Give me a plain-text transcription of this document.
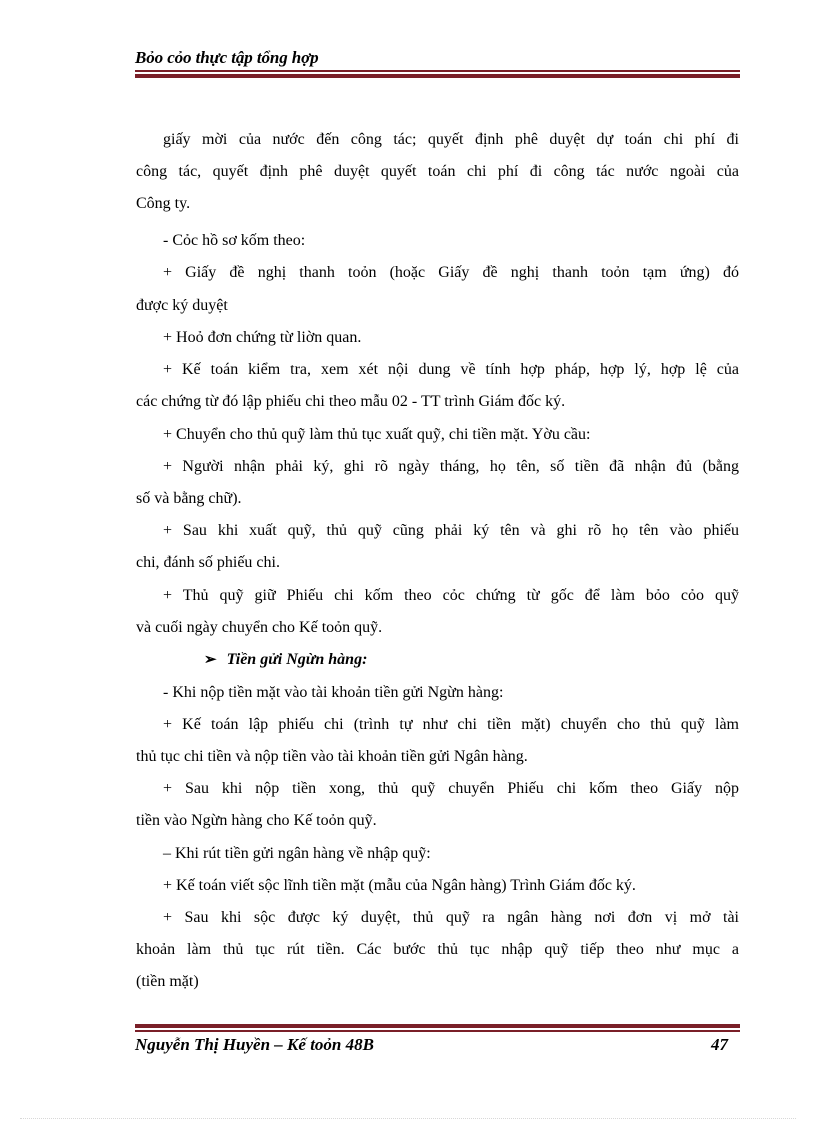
Bỏo cỏo thực tập tổng hợp
giấy mời của nước đến công tác; quyết định phê duyệt dự toán chi phí đi
công tác, quyết định phê duyệt quyết toán chi phí đi công tác nước ngoài của
Công ty.
- Cỏc hồ sơ kốm theo:
+ Giấy đề nghị thanh toỏn (hoặc Giấy đề nghị thanh toỏn tạm ứng) đó
được ký duyệt
+ Hoỏ đơn chứng từ liờn quan.
+ Kế toán kiểm tra, xem xét nội dung về tính hợp pháp, hợp lý, hợp lệ của
các chứng từ đó lập phiếu chi theo mẫu 02 - TT trình Giám đốc ký.
+ Chuyển cho thủ quỹ làm thủ tục xuất quỹ, chi tiền mặt. Yờu cầu:
+ Người nhận phải ký, ghi rõ ngày tháng, họ tên, số tiền đã nhận đủ (bằng
số và bằng chữ).
+ Sau khi xuất quỹ, thủ quỹ cũng phải ký tên và ghi rõ họ tên vào phiếu
chi, đánh số phiếu chi.
+ Thủ quỹ giữ Phiếu chi kốm theo cỏc chứng từ gốc để làm bỏo cỏo quỹ
và cuối ngày chuyển cho Kế toỏn quỹ.
➢ Tiền gửi Ngừn hàng:
- Khi nộp tiền mặt vào tài khoản tiền gửi Ngừn hàng:
+ Kế toán lập phiếu chi (trình tự như chi tiền mặt) chuyển cho thủ quỹ làm
thủ tục chi tiền và nộp tiền vào tài khoản tiền gửi Ngân hàng.
+ Sau khi nộp tiền xong, thủ quỹ chuyển Phiếu chi kốm theo Giấy nộp
tiền vào Ngừn hàng cho Kế toỏn quỹ.
– Khi rút tiền gửi ngân hàng về nhập quỹ:
+ Kế toán viết sộc lĩnh tiền mặt (mẫu của Ngân hàng) Trình Giám đốc ký.
+ Sau khi sộc được ký duyệt, thủ quỹ ra ngân hàng nơi đơn vị mở tài
khoản làm thủ tục rút tiền. Các bước thủ tục nhập quỹ tiếp theo như mục a
(tiền mặt)
Nguyễn Thị Huyền – Kế toỏn 48B	47
